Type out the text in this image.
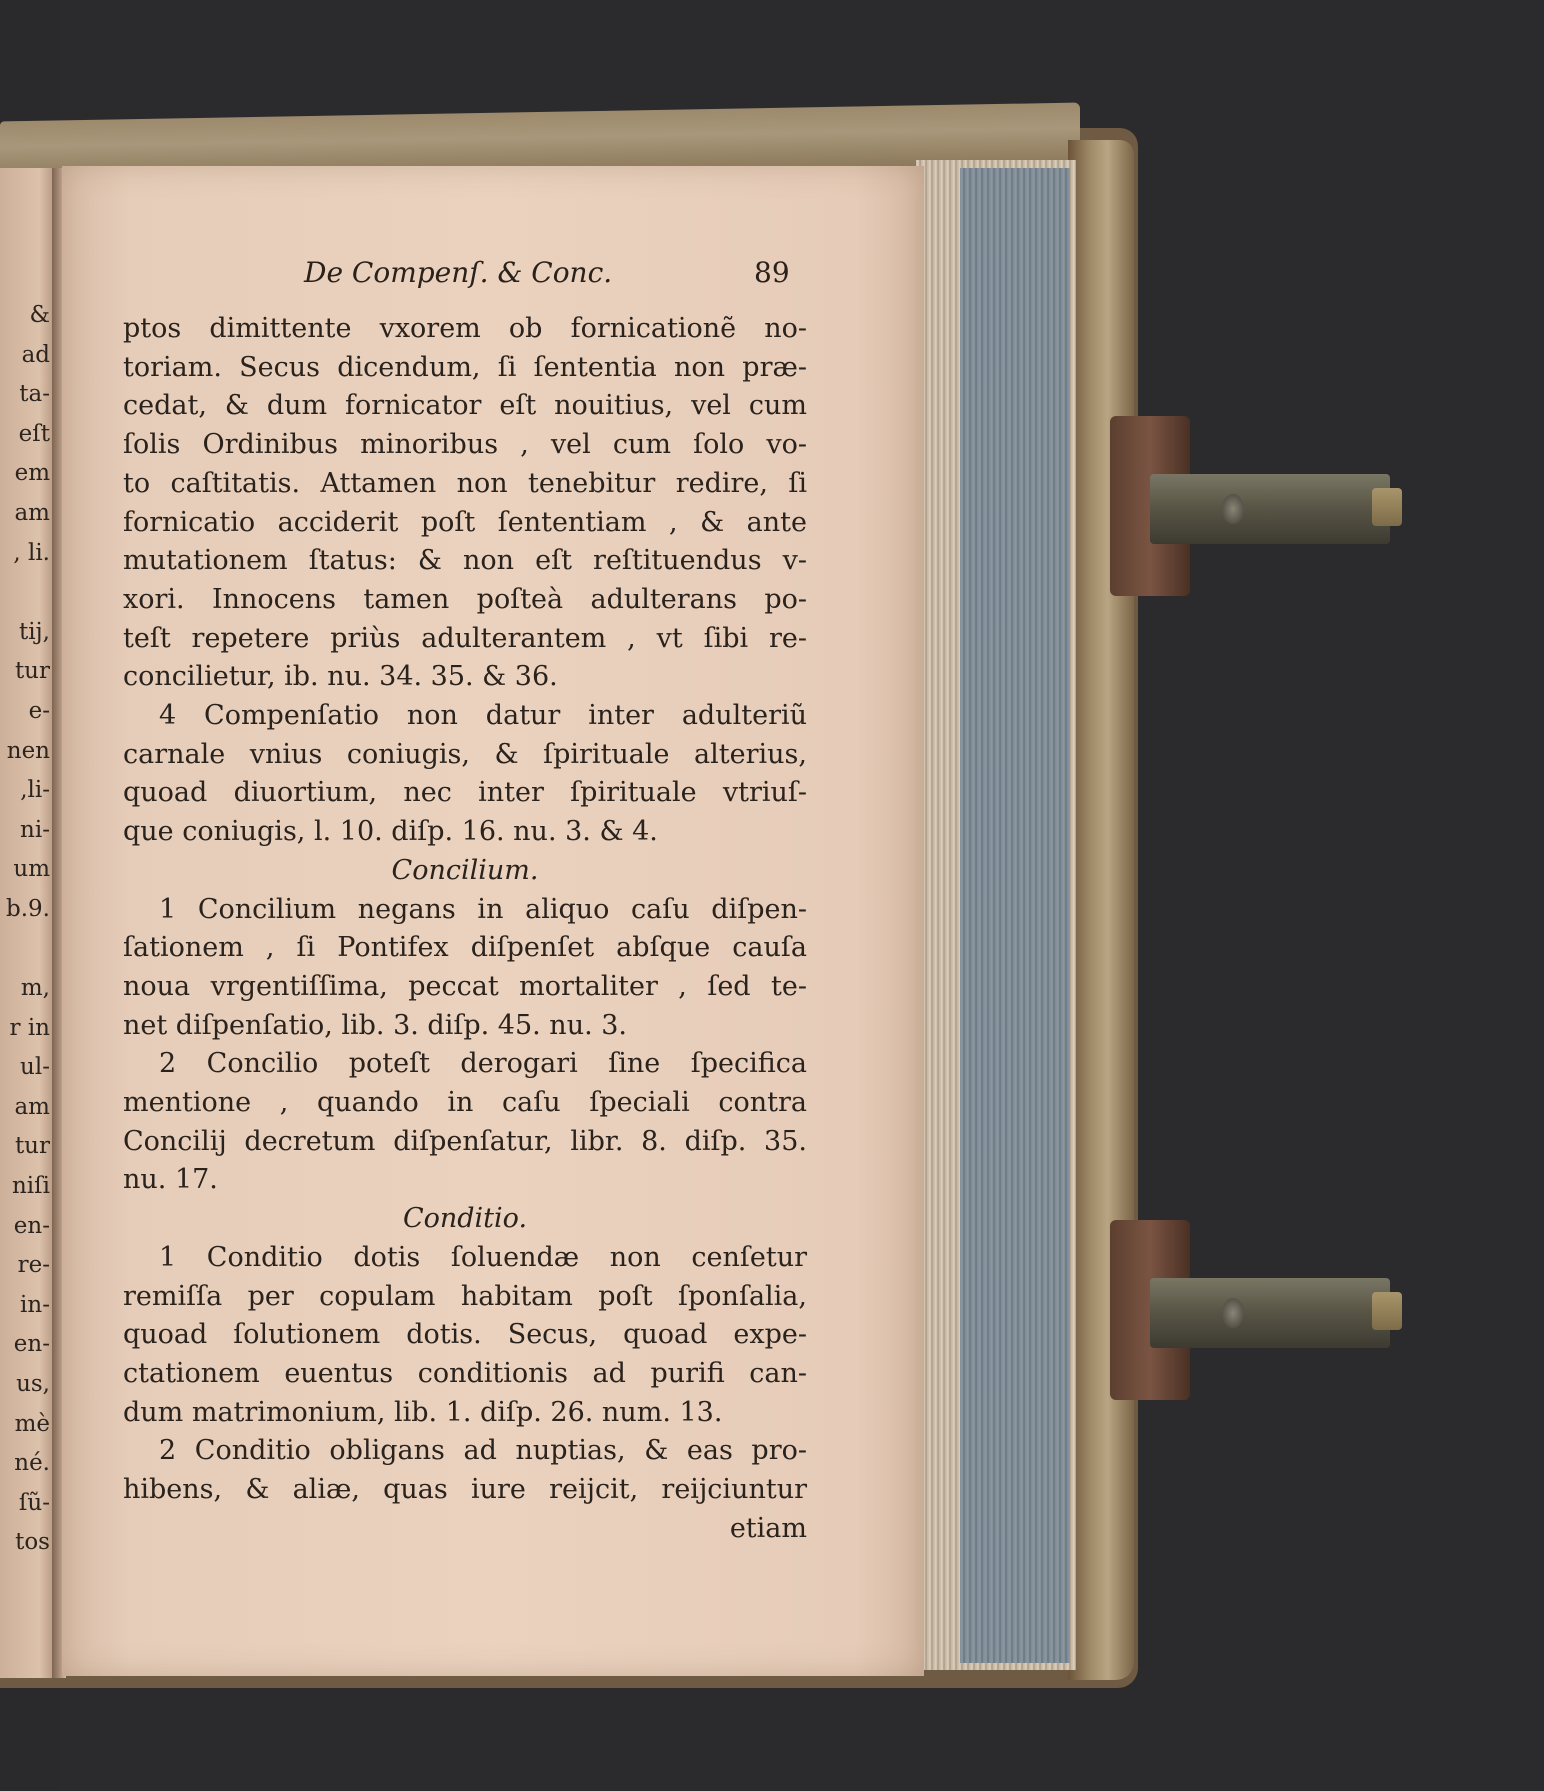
&
ad
ta-
eſt
em
am
, li.

tij,
tur
e-
nen
,li-
ni-
um
b.9.

m,
r in
ul-
am
tur
niſi
en-
re-
in-
en-
us,
mè
né.
ſũ-
tos
De Compenſ. & Conc.	89
ptos dimittente vxorem ob fornicationẽ no-
toriam. Secus dicendum, ſi ſententia non præ-
cedat, & dum fornicator eſt nouitius, vel cum
ſolis Ordinibus minoribus , vel cum ſolo vo-
to caſtitatis. Attamen non tenebitur redire, ſi
fornicatio acciderit poſt ſententiam , & ante
mutationem ſtatus: & non eſt reſtituendus v-
xori. Innocens tamen poſteà adulterans po-
teſt repetere priùs adulterantem , vt ſibi re-
concilietur, ib. nu. 34. 35. & 36.
4 Compenſatio non datur inter adulteriũ
carnale vnius coniugis, & ſpirituale alterius,
quoad diuortium, nec inter ſpirituale vtriuſ-
que coniugis, l. 10. diſp. 16. nu. 3. & 4.
Concilium.
1 Concilium negans in aliquo caſu diſpen-
ſationem , ſi Pontifex diſpenſet abſque cauſa
noua vrgentiſſima, peccat mortaliter , ſed te-
net diſpenſatio, lib. 3. diſp. 45. nu. 3.
2 Concilio poteſt derogari ſine ſpecifica
mentione , quando in caſu ſpeciali contra
Concilij decretum diſpenſatur, libr. 8. diſp. 35.
nu. 17.
Conditio.
1 Conditio dotis ſoluendæ non cenſetur
remiſſa per copulam habitam poſt ſponſalia,
quoad ſolutionem dotis. Secus, quoad expe-
ctationem euentus conditionis ad purifi can-
dum matrimonium, lib. 1. diſp. 26. num. 13.
2 Conditio obligans ad nuptias, & eas pro-
hibens, & aliæ, quas iure reijcit, reijciuntur
etiam
